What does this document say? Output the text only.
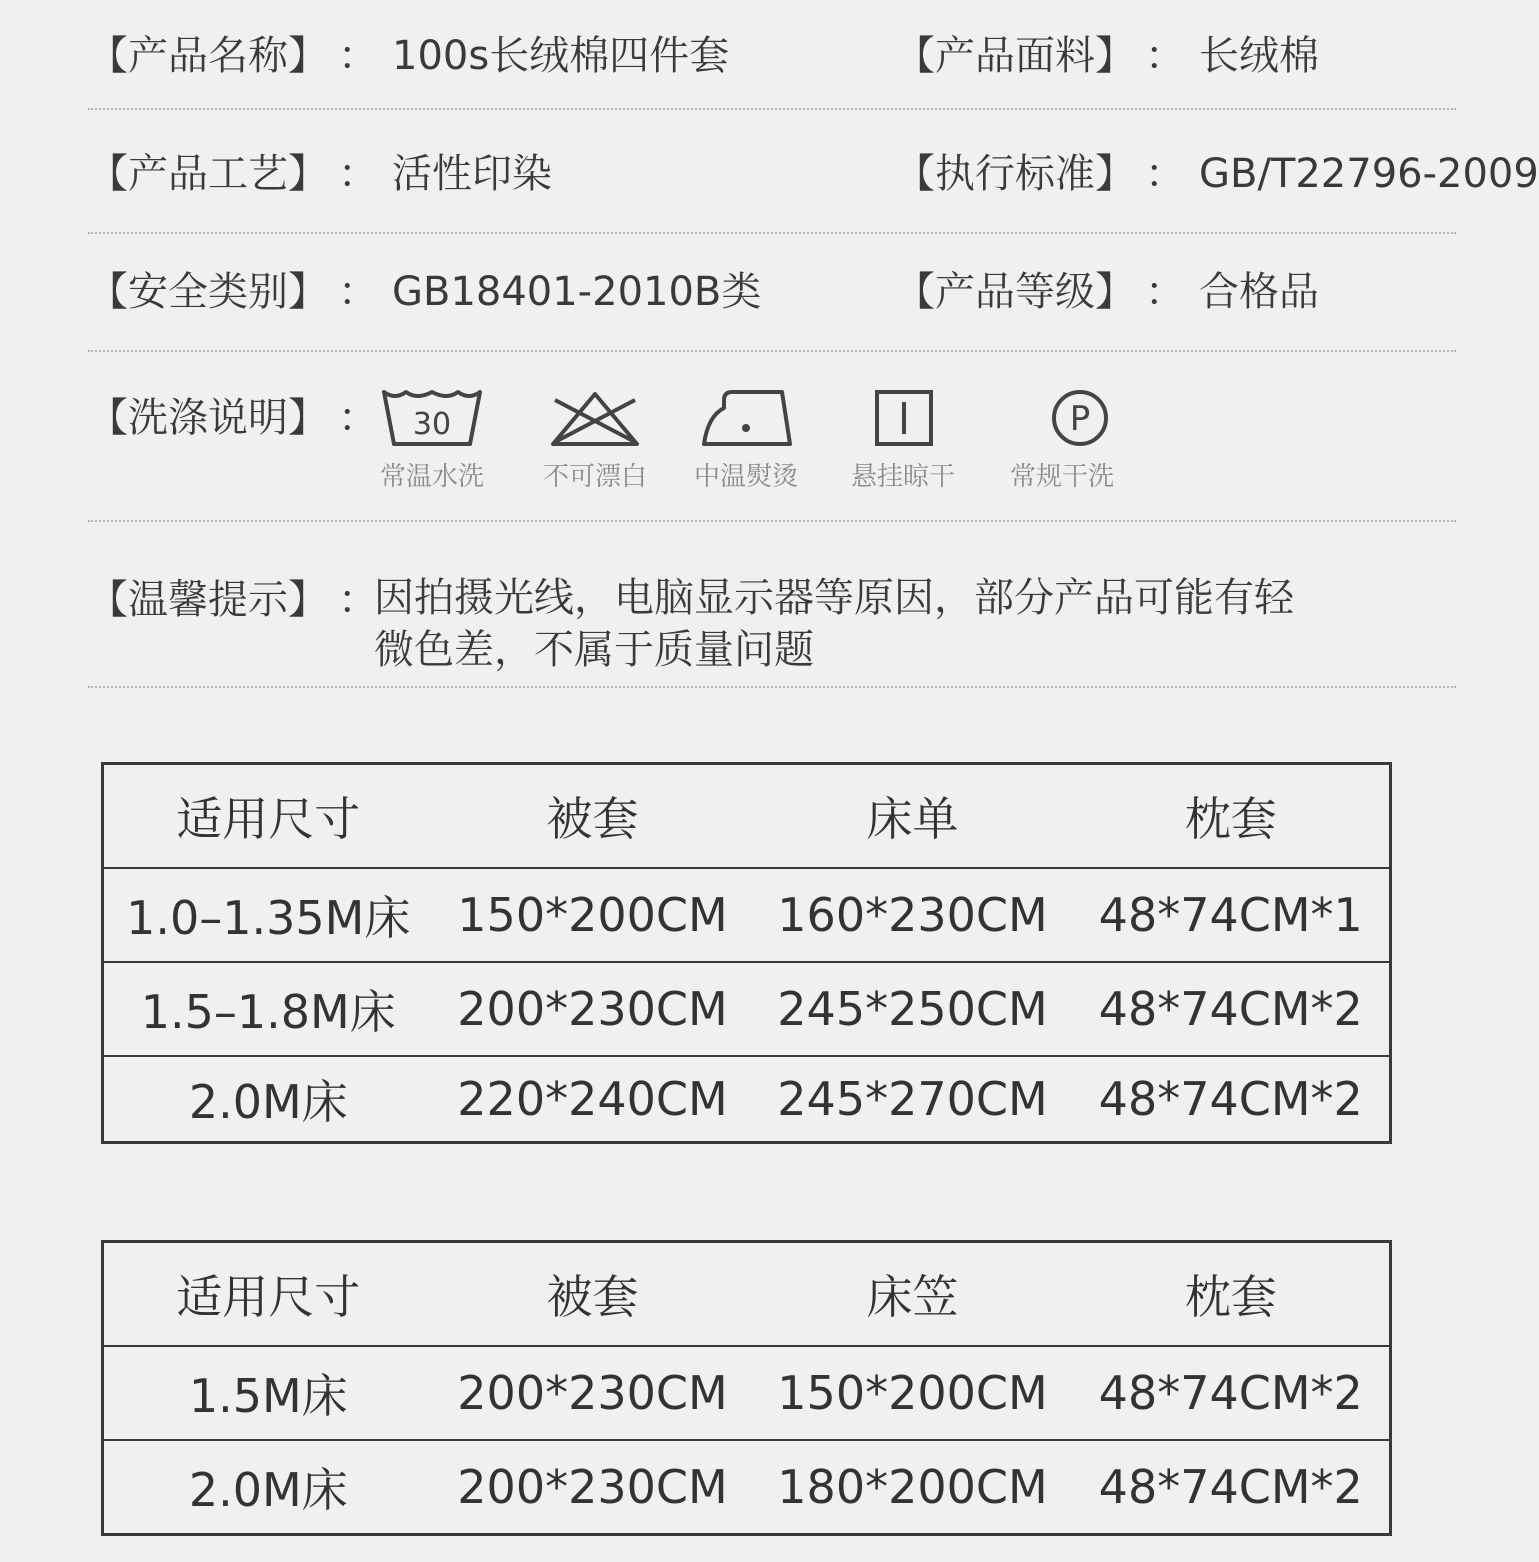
【产品名称】 ： 100s长绒棉四件套	【产品面料】 ： 长绒棉
【产品工艺】 ： 活性印染	【执行标准】 ： GB/T22796-2009
【安全类别】 ： GB18401-2010B类	【产品等级】 ： 合格品
【洗涤说明】 ： 30
常温水洗	不可漂白	中温熨烫	悬挂晾干
P
常规干洗
【温馨提示】 ：
因拍摄光线，电脑显示器等原因，部分产品可能有轻微色差，不属于质量问题
适用尺寸	被套	床单	枕套
1.0–1.35M床	150*200CM	160*230CM	48*74CM*1
1.5–1.8M床	200*230CM	245*250CM	48*74CM*2
2.0M床	220*240CM	245*270CM	48*74CM*2
适用尺寸	被套	床笠	枕套
1.5M床	200*230CM	150*200CM	48*74CM*2
2.0M床	200*230CM	180*200CM	48*74CM*2
